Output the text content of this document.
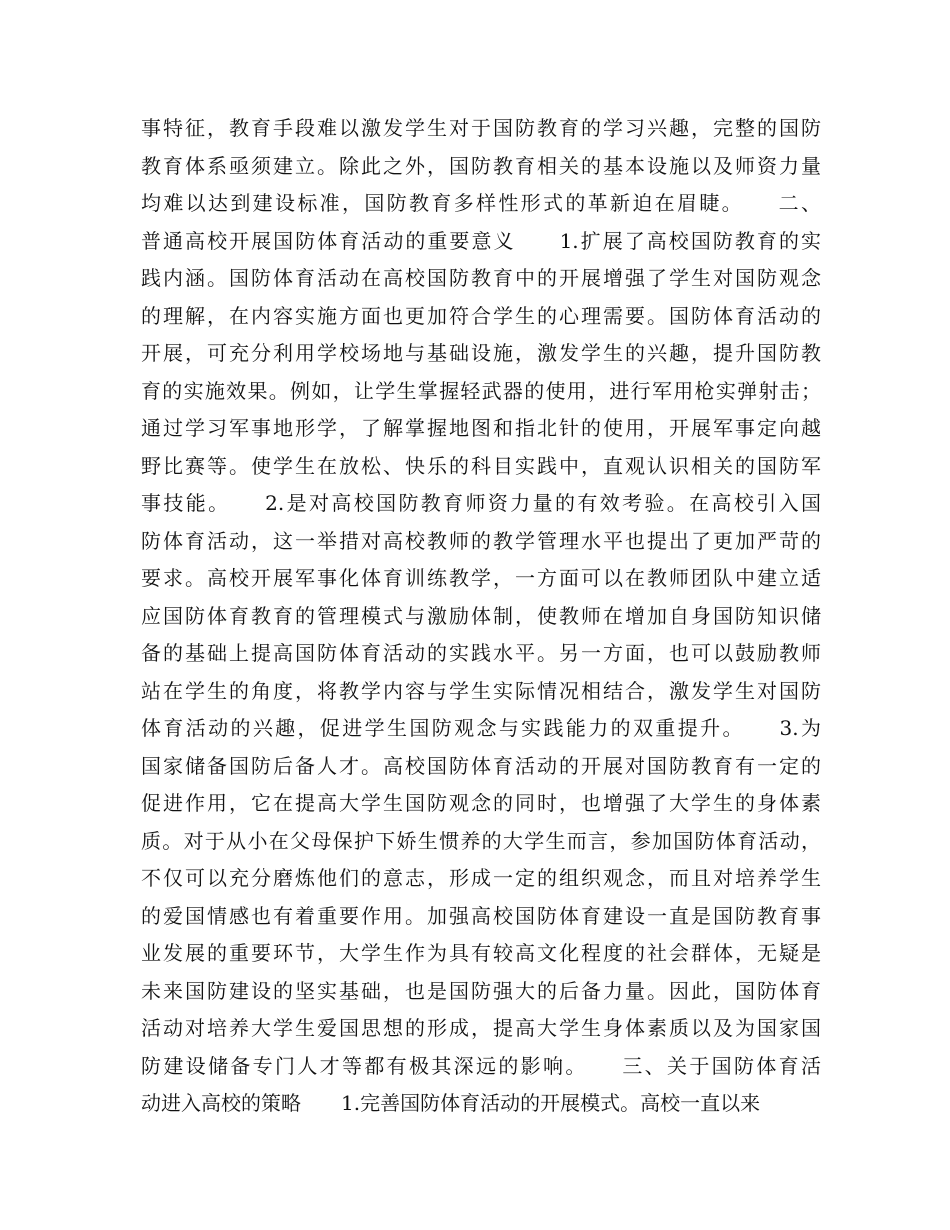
事特征，教育手段难以激发学生对于国防教育的学习兴趣，完整的国防
教育体系亟须建立。除此之外，国防教育相关的基本设施以及师资力量
均难以达到建设标准，国防教育多样性形式的革新迫在眉睫。　　二、
普通高校开展国防体育活动的重要意义　　1.扩展了高校国防教育的实
践内涵。国防体育活动在高校国防教育中的开展增强了学生对国防观念
的理解，在内容实施方面也更加符合学生的心理需要。国防体育活动的
开展，可充分利用学校场地与基础设施，激发学生的兴趣，提升国防教
育的实施效果。例如，让学生掌握轻武器的使用，进行军用枪实弹射击；
通过学习军事地形学，了解掌握地图和指北针的使用，开展军事定向越
野比赛等。使学生在放松、快乐的科目实践中，直观认识相关的国防军
事技能。　　2.是对高校国防教育师资力量的有效考验。在高校引入国
防体育活动，这一举措对高校教师的教学管理水平也提出了更加严苛的
要求。高校开展军事化体育训练教学，一方面可以在教师团队中建立适
应国防体育教育的管理模式与激励体制，使教师在增加自身国防知识储
备的基础上提高国防体育活动的实践水平。另一方面，也可以鼓励教师
站在学生的角度，将教学内容与学生实际情况相结合，激发学生对国防
体育活动的兴趣，促进学生国防观念与实践能力的双重提升。　　3.为
国家储备国防后备人才。高校国防体育活动的开展对国防教育有一定的
促进作用，它在提高大学生国防观念的同时，也增强了大学生的身体素
质。对于从小在父母保护下娇生惯养的大学生而言，参加国防体育活动，
不仅可以充分磨炼他们的意志，形成一定的组织观念，而且对培养学生
的爱国情感也有着重要作用。加强高校国防体育建设一直是国防教育事
业发展的重要环节，大学生作为具有较高文化程度的社会群体，无疑是
未来国防建设的坚实基础，也是国防强大的后备力量。因此，国防体育
活动对培养大学生爱国思想的形成，提高大学生身体素质以及为国家国
防建设储备专门人才等都有极其深远的影响。　　三、关于国防体育活
动进入高校的策略　　1.完善国防体育活动的开展模式。高校一直以来
